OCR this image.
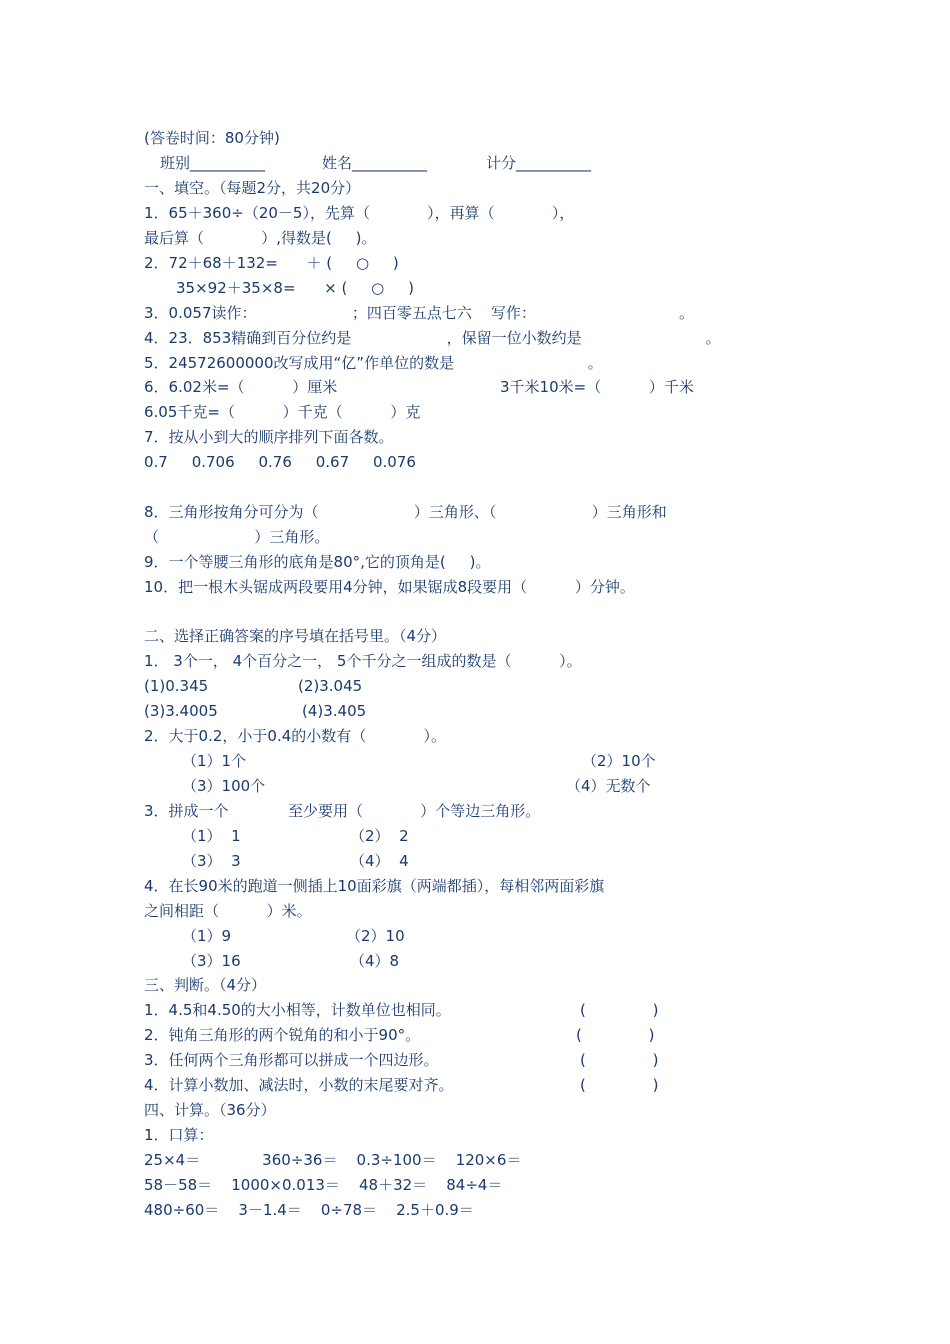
(答卷时间：80分钟)
班别__________	姓名__________	计分__________
一、填空。（每题2分，共20分）
1．65＋360÷（20－5），先算（            ），再算（            ），
最后算（            ）,得数是(     )。
2．72＋68＋132=      ＋ (     ○     )
35×92＋35×8=      × (     ○     )
3．0.057读作：                    ；四百零五点七六    写作：                              。
4．23．853精确到百分位约是                    ，保留一位小数约是                          。
5．24572600000改写成用“亿”作单位的数是                            。
6．6.02米=（          ）厘米	3千米10米=（          ）千米
6.05千克=（          ）千克（          ）克
7．按从小到大的顺序排列下面各数。
0.7     0.706     0.76     0.67     0.076
8．三角形按角分可分为（                    ）三角形、（                    ）三角形和
（                    ）三角形。
9．一个等腰三角形的底角是80°,它的顶角是(     )。
10．把一根木头锯成两段要用4分钟，如果锯成8段要用（          ）分钟。
二、选择正确答案的序号填在括号里。（4分）
1． 3个一， 4个百分之一， 5个千分之一组成的数是（          ）。
(1)0.345	(2)3.045
(3)3.4005	(4)3.405
2．大于0.2，小于0.4的小数有（            ）。
（1）1个	（2）10个
（3）100个	（4）无数个
3．拼成一个	至少要用（            ）个等边三角形。
（1）  1	（2）  2
（3）  3	（4）  4
4．在长90米的跑道一侧插上10面彩旗（两端都插），每相邻两面彩旗
之间相距（          ）米。
（1）9	（2）10
（3）16	（4）8
三、判断。（4分）
1．4.5和4.50的大小相等，计数单位也相同。	(              )
2．钝角三角形的两个锐角的和小于90°。	(              )
3．任何两个三角形都可以拼成一个四边形。	(              )
4．计算小数加、减法时，小数的末尾要对齐。	(              )
四、计算。（36分）
1．口算：
25×4＝             360÷36＝    0.3÷100＝    120×6＝
58－58＝    1000×0.013＝    48＋32＝    84÷4＝
480÷60＝    3－1.4＝    0÷78＝    2.5＋0.9＝
